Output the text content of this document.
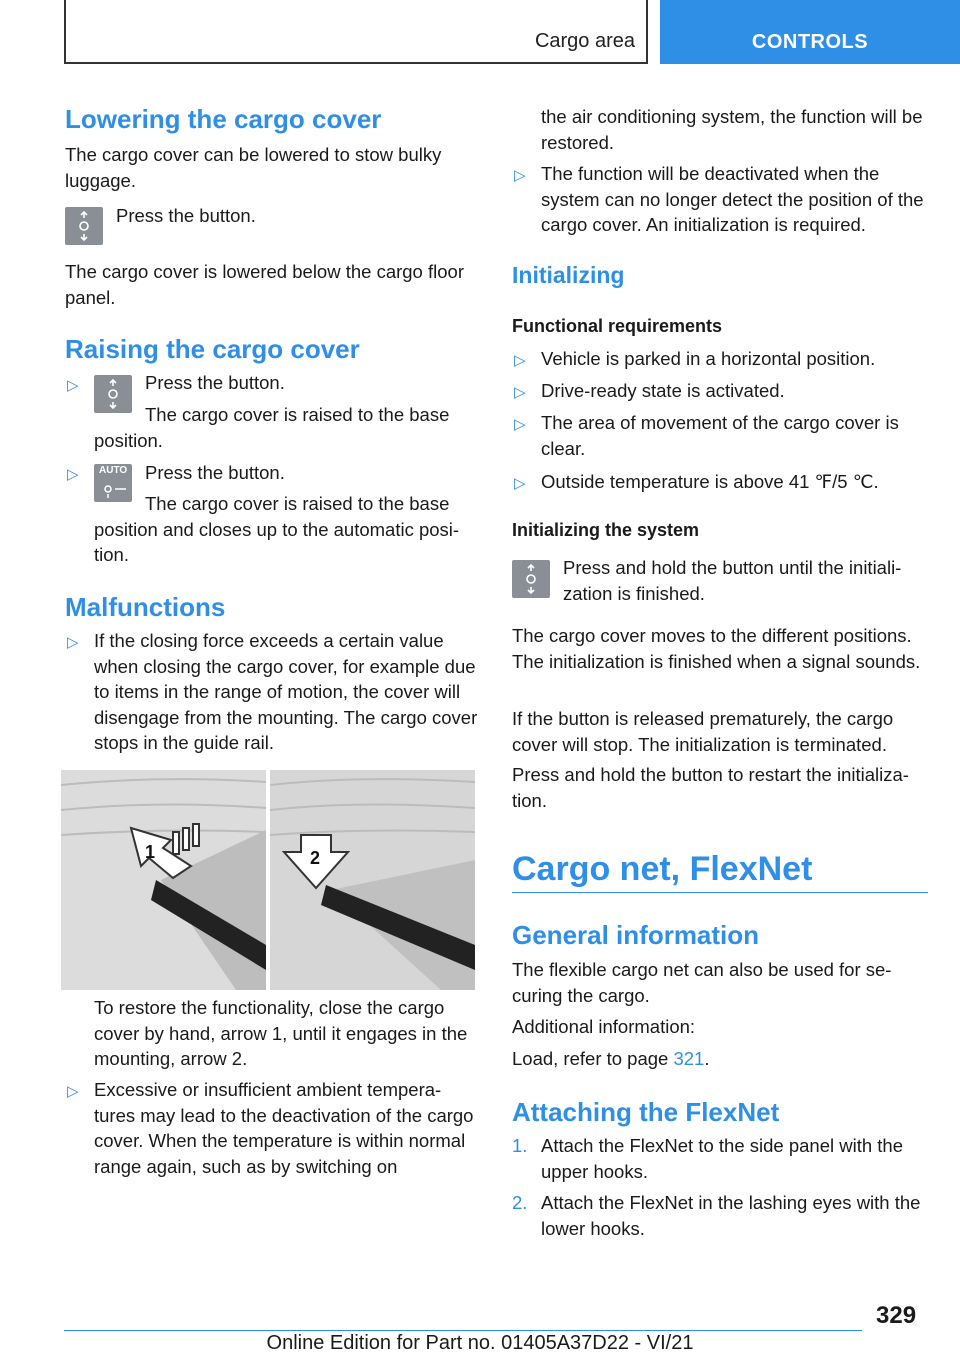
Cargo area	CONTROLS
Lowering the cargo cover
The cargo cover can be lowered to stow bulky luggage.
Press the button.
The cargo cover is lowered below the cargo floor panel.
Raising the cargo cover
▷	Press the button.
The cargo cover is raised to the base position.
▷ AUTO Press the button.
The cargo cover is raised to the base position and closes up to the automatic posi‐tion.
Malfunctions
▷ If the closing force exceeds a certain value when closing the cargo cover, for example due to items in the range of motion, the cover will disengage from the mounting. The cargo cover stops in the guide rail.
1	2
To restore the functionality, close the cargo cover by hand, arrow 1, until it engages in the mounting, arrow 2.
▷ Excessive or insufficient ambient tempera‐tures may lead to the deactivation of the cargo cover. When the temperature is within normal range again, such as by switching on
the air conditioning system, the function will be restored.
▷ The function will be deactivated when the system can no longer detect the position of the cargo cover. An initialization is required.
Initializing
Functional requirements
▷ Vehicle is parked in a horizontal position.
▷ Drive-ready state is activated.
▷ The area of movement of the cargo cover is clear.
▷ Outside temperature is above 41 ℉/5 ℃.
Initializing the system
Press and hold the button until the initiali‐zation is finished.
The cargo cover moves to the different positions. The initialization is finished when a signal sounds.
If the button is released prematurely, the cargo cover will stop. The initialization is terminated.
Press and hold the button to restart the initializa‐tion.
Cargo net, FlexNet
General information
The flexible cargo net can also be used for se‐curing the cargo.
Additional information:
Load, refer to page 321.
Attaching the FlexNet
1. Attach the FlexNet to the side panel with the upper hooks.
2. Attach the FlexNet in the lashing eyes with the lower hooks.
329
Online Edition for Part no. 01405A37D22 - VI/21
